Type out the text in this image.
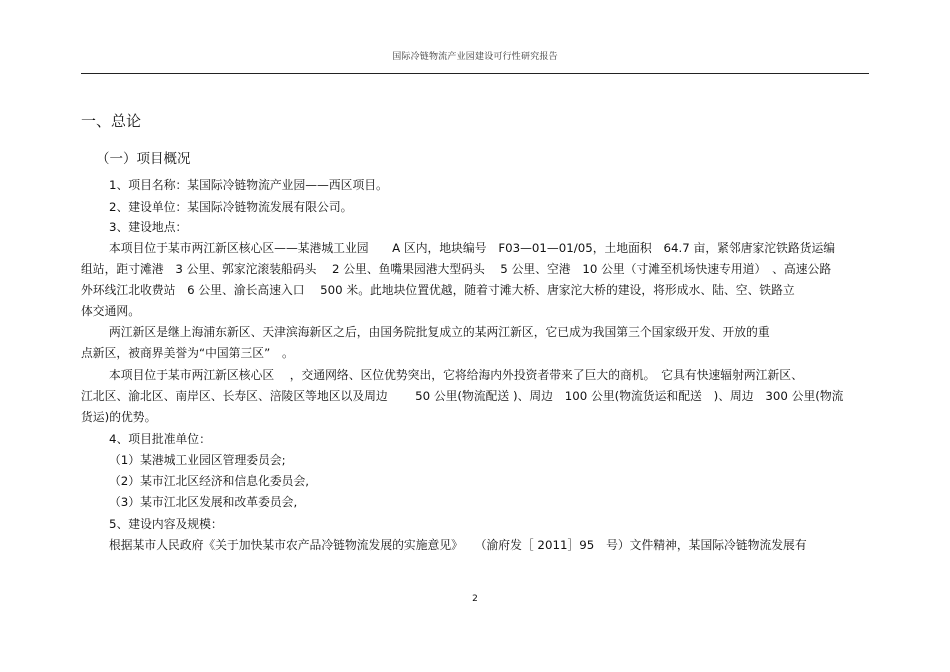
国际冷链物流产业园建设可行性研究报告
一、总论
（一）项目概况
1、项目名称：某国际冷链物流产业园——西区项目。
2、建设单位：某国际冷链物流发展有限公司。
3、建设地点：
本项目位于某市两江新区核心区——某港城工业园　　A 区内，地块编号　F03—01—01/05，土地面积　64.7 亩，紧邻唐家沱铁路货运编
组站，距寸滩港　3 公里、郭家沱滚装船码头　 2 公里、鱼嘴果园港大型码头　 5 公里、空港　10 公里（寸滩至机场快速专用道）　、高速公路
外环线江北收费站　6 公里、渝长高速入口　 500 米。此地块位置优越，随着寸滩大桥、唐家沱大桥的建设，将形成水、陆、空、铁路立
体交通网。
两江新区是继上海浦东新区、天津滨海新区之后，由国务院批复成立的某两江新区，它已成为我国第三个国家级开发、开放的重
点新区，被商界美誉为“中国第三区”　。
本项目位于某市两江新区核心区　 ，交通网络、区位优势突出，它将给海内外投资者带来了巨大的商机。　它具有快速辐射两江新区、
江北区、渝北区、南岸区、长寿区、涪陵区等地区以及周边　　 50 公里(物流配送 )、周边　100 公里(物流货运和配送　)、周边　300 公里(物流
货运)的优势。
4、项目批准单位：
（1）某港城工业园区管理委员会;
（2）某市江北区经济和信息化委员会,
（3）某市江北区发展和改革委员会,
5、建设内容及规模：
根据某市人民政府《关于加快某市农产品冷链物流发展的实施意见》　　（渝府发［ 2011］95　号）文件精神，某国际冷链物流发展有
2
